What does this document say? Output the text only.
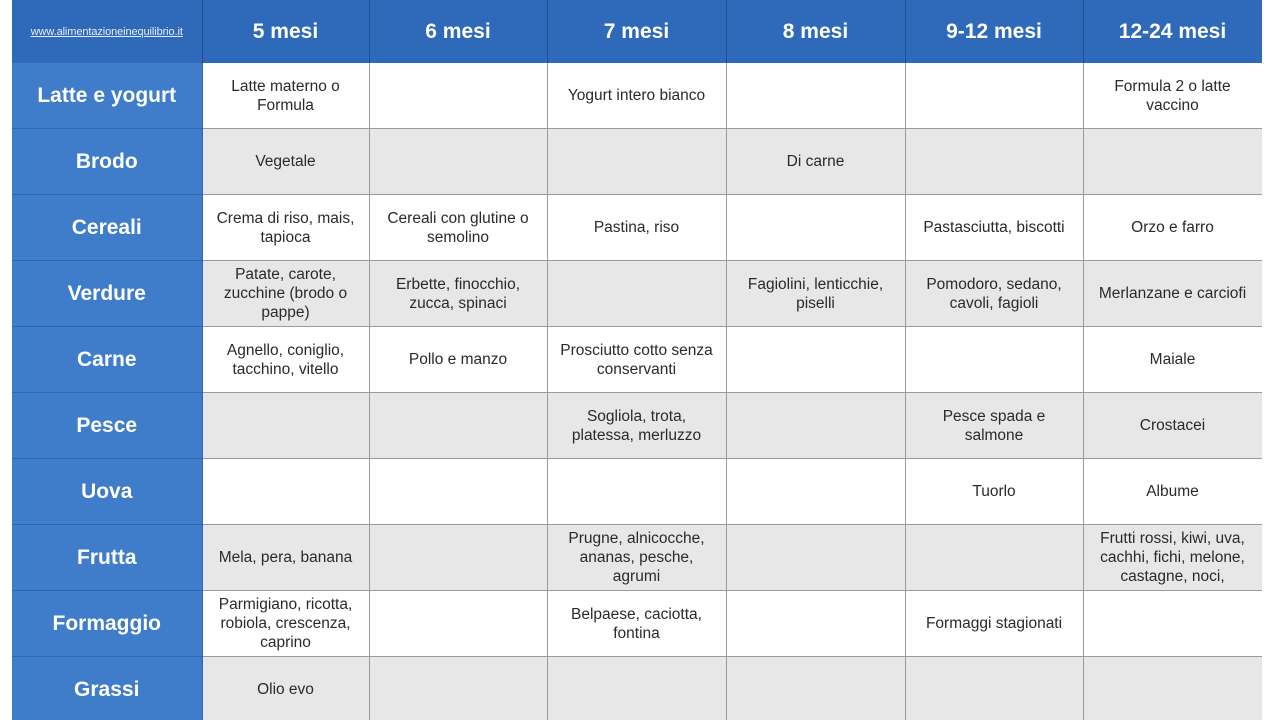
www.alimentazioneinequilibrio.it	5 mesi	6 mesi	7 mesi	8 mesi	9-12 mesi	12-24 mesi
Latte e yogurt	Latte materno o Formula		Yogurt intero bianco			Formula 2 o latte vaccino
Brodo	Vegetale			Di carne		
Cereali	Crema di riso, mais, tapioca	Cereali con glutine o semolino	Pastina, riso		Pastasciutta, biscotti	Orzo e farro
Verdure	Patate, carote, zucchine (brodo o pappe)	Erbette, finocchio, zucca, spinaci		Fagiolini, lenticchie, piselli	Pomodoro, sedano, cavoli, fagioli	Merlanzane e carciofi
Carne	Agnello, coniglio, tacchino, vitello	Pollo e manzo	Prosciutto cotto senza conservanti			Maiale
Pesce			Sogliola, trota, platessa, merluzzo		Pesce spada e salmone	Crostacei
Uova					Tuorlo	Albume
Frutta	Mela, pera, banana		Prugne, alnicocche, ananas, pesche, agrumi			Frutti rossi, kiwi, uva, cachhi, fichi, melone, castagne, noci,
Formaggio	Parmigiano, ricotta, robiola, crescenza, caprino		Belpaese, caciotta, fontina		Formaggi stagionati	
Grassi	Olio evo					
